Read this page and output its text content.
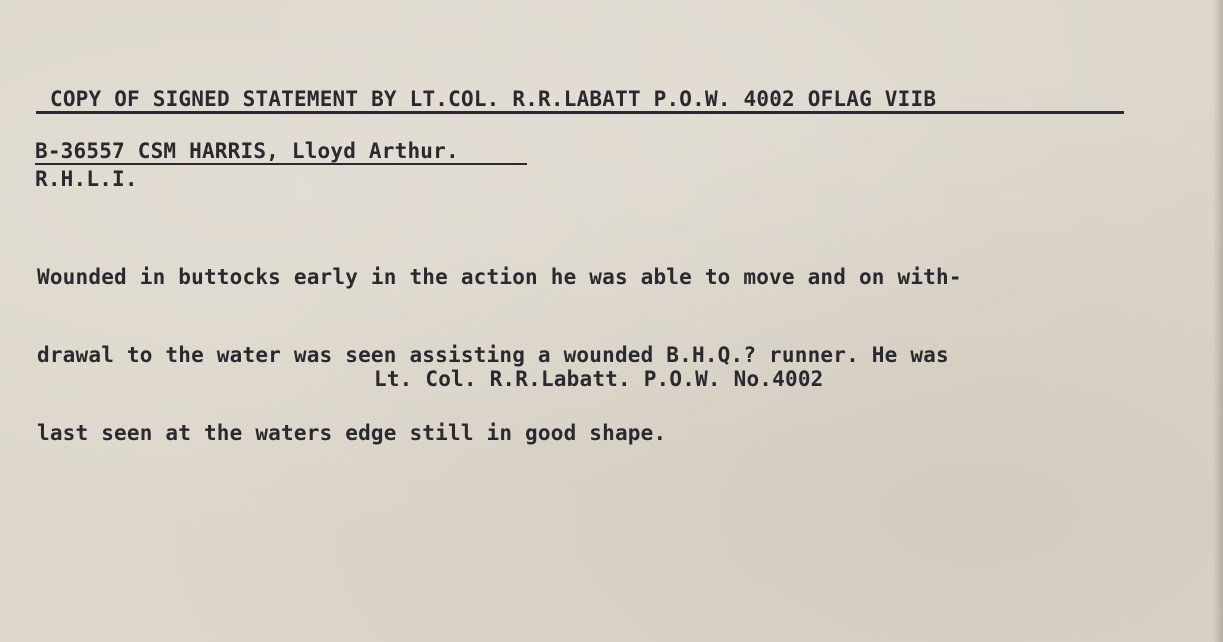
COPY OF SIGNED STATEMENT BY LT.COL. R.R.LABATT P.O.W. 4002 OFLAG VIIB
B-36557 CSM HARRIS, Lloyd Arthur.
R.H.L.I.

Wounded in buttocks early in the action he was able to move and on with-

drawal to the water was seen assisting a wounded B.H.Q.? runner. He was

last seen at the waters edge still in good shape.

Lt. Col. R.R.Labatt. P.O.W. No.4002
